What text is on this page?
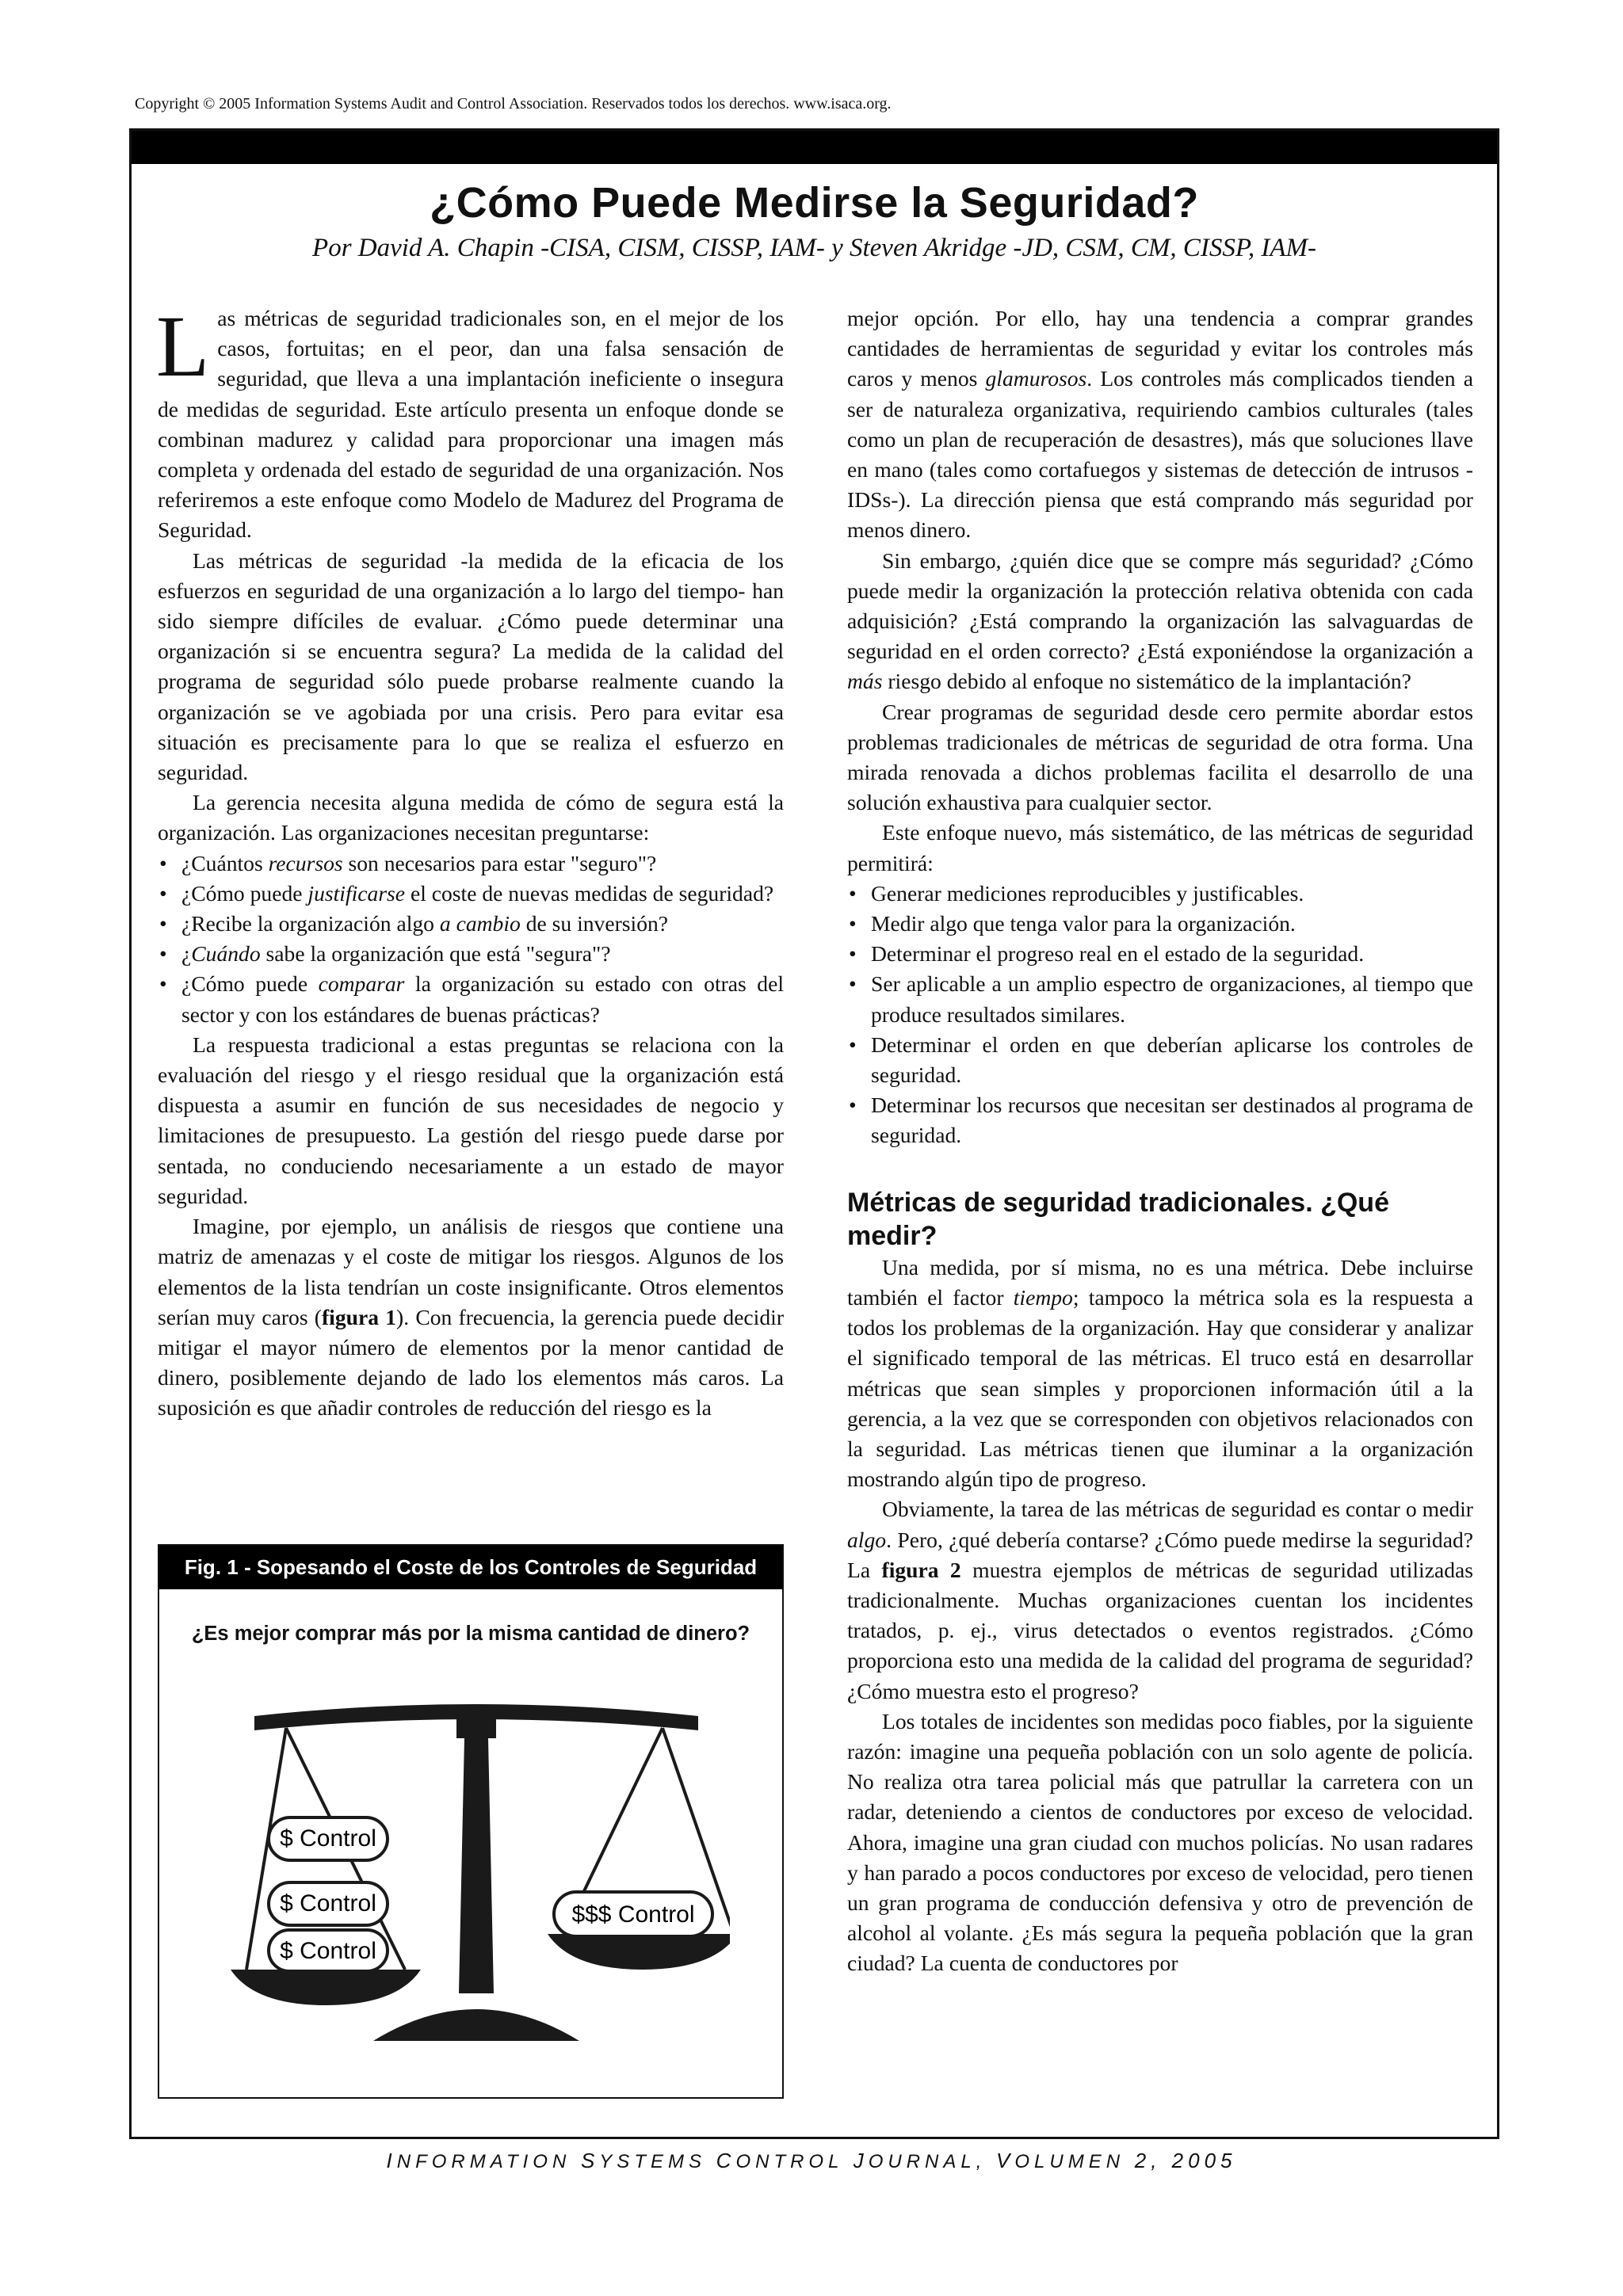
Copyright © 2005 Information Systems Audit and Control Association. Reservados todos los derechos. www.isaca.org.
¿Cómo Puede Medirse la Seguridad?
Por David A. Chapin -CISA, CISM, CISSP, IAM- y Steven Akridge -JD, CSM, CM, CISSP, IAM-

Las métricas de seguridad tradicionales son, en el mejor de los casos, fortuitas; en el peor, dan una falsa sensación de seguridad, que lleva a una implantación ineficiente o insegura de medidas de seguridad. Este artículo presenta un enfoque donde se combinan madurez y calidad para proporcionar una imagen más completa y ordenada del estado de seguridad de una organización. Nos referiremos a este enfoque como Modelo de Madurez del Programa de Seguridad.

Las métricas de seguridad -la medida de la eficacia de los esfuerzos en seguridad de una organización a lo largo del tiempo- han sido siempre difíciles de evaluar. ¿Cómo puede determinar una organización si se encuentra segura? La medida de la calidad del programa de seguridad sólo puede probarse realmente cuando la organización se ve agobiada por una crisis. Pero para evitar esa situación es precisamente para lo que se realiza el esfuerzo en seguridad.

La gerencia necesita alguna medida de cómo de segura está la organización. Las organizaciones necesitan preguntarse:

• ¿Cuántos recursos son necesarios para estar "seguro"?
• ¿Cómo puede justificarse el coste de nuevas medidas de seguridad?
• ¿Recibe la organización algo a cambio de su inversión?
• ¿Cuándo sabe la organización que está "segura"?
• ¿Cómo puede comparar la organización su estado con otras del sector y con los estándares de buenas prácticas?

La respuesta tradicional a estas preguntas se relaciona con la evaluación del riesgo y el riesgo residual que la organización está dispuesta a asumir en función de sus necesidades de negocio y limitaciones de presupuesto. La gestión del riesgo puede darse por sentada, no conduciendo necesariamente a un estado de mayor seguridad.

Imagine, por ejemplo, un análisis de riesgos que contiene una matriz de amenazas y el coste de mitigar los riesgos. Algunos de los elementos de la lista tendrían un coste insignificante. Otros elementos serían muy caros (figura 1). Con frecuencia, la gerencia puede decidir mitigar el mayor número de elementos por la menor cantidad de dinero, posiblemente dejando de lado los elementos más caros. La suposición es que añadir controles de reducción del riesgo es la

Fig. 1 - Sopesando el Coste de los Controles de Seguridad
¿Es mejor comprar más por la misma cantidad de dinero?
$ Control
$ Control
$ Control
$$$ Control

mejor opción. Por ello, hay una tendencia a comprar grandes cantidades de herramientas de seguridad y evitar los controles más caros y menos glamurosos. Los controles más complicados tienden a ser de naturaleza organizativa, requiriendo cambios culturales (tales como un plan de recuperación de desastres), más que soluciones llave en mano (tales como cortafuegos y sistemas de detección de intrusos -IDSs-). La dirección piensa que está comprando más seguridad por menos dinero.

Sin embargo, ¿quién dice que se compre más seguridad? ¿Cómo puede medir la organización la protección relativa obtenida con cada adquisición? ¿Está comprando la organización las salvaguardas de seguridad en el orden correcto? ¿Está exponiéndose la organización a más riesgo debido al enfoque no sistemático de la implantación?

Crear programas de seguridad desde cero permite abordar estos problemas tradicionales de métricas de seguridad de otra forma. Una mirada renovada a dichos problemas facilita el desarrollo de una solución exhaustiva para cualquier sector.

Este enfoque nuevo, más sistemático, de las métricas de seguridad permitirá:

• Generar mediciones reproducibles y justificables.
• Medir algo que tenga valor para la organización.
• Determinar el progreso real en el estado de la seguridad.
• Ser aplicable a un amplio espectro de organizaciones, al tiempo que produce resultados similares.
• Determinar el orden en que deberían aplicarse los controles de seguridad.
• Determinar los recursos que necesitan ser destinados al programa de seguridad.
Métricas de seguridad tradicionales. ¿Qué medir?

Una medida, por sí misma, no es una métrica. Debe incluirse también el factor tiempo; tampoco la métrica sola es la respuesta a todos los problemas de la organización. Hay que considerar y analizar el significado temporal de las métricas. El truco está en desarrollar métricas que sean simples y proporcionen información útil a la gerencia, a la vez que se corresponden con objetivos relacionados con la seguridad. Las métricas tienen que iluminar a la organización mostrando algún tipo de progreso.

Obviamente, la tarea de las métricas de seguridad es contar o medir algo. Pero, ¿qué debería contarse? ¿Cómo puede medirse la seguridad? La figura 2 muestra ejemplos de métricas de seguridad utilizadas tradicionalmente. Muchas organizaciones cuentan los incidentes tratados, p. ej., virus detectados o eventos registrados. ¿Cómo proporciona esto una medida de la calidad del programa de seguridad? ¿Cómo muestra esto el progreso?

Los totales de incidentes son medidas poco fiables, por la siguiente razón: imagine una pequeña población con un solo agente de policía. No realiza otra tarea policial más que patrullar la carretera con un radar, deteniendo a cientos de conductores por exceso de velocidad. Ahora, imagine una gran ciudad con muchos policías. No usan radares y han parado a pocos conductores por exceso de velocidad, pero tienen un gran programa de conducción defensiva y otro de prevención de alcohol al volante. ¿Es más segura la pequeña población que la gran ciudad? La cuenta de conductores por

INFORMATION SYSTEMS CONTROL JOURNAL, VOLUMEN 2, 2005
